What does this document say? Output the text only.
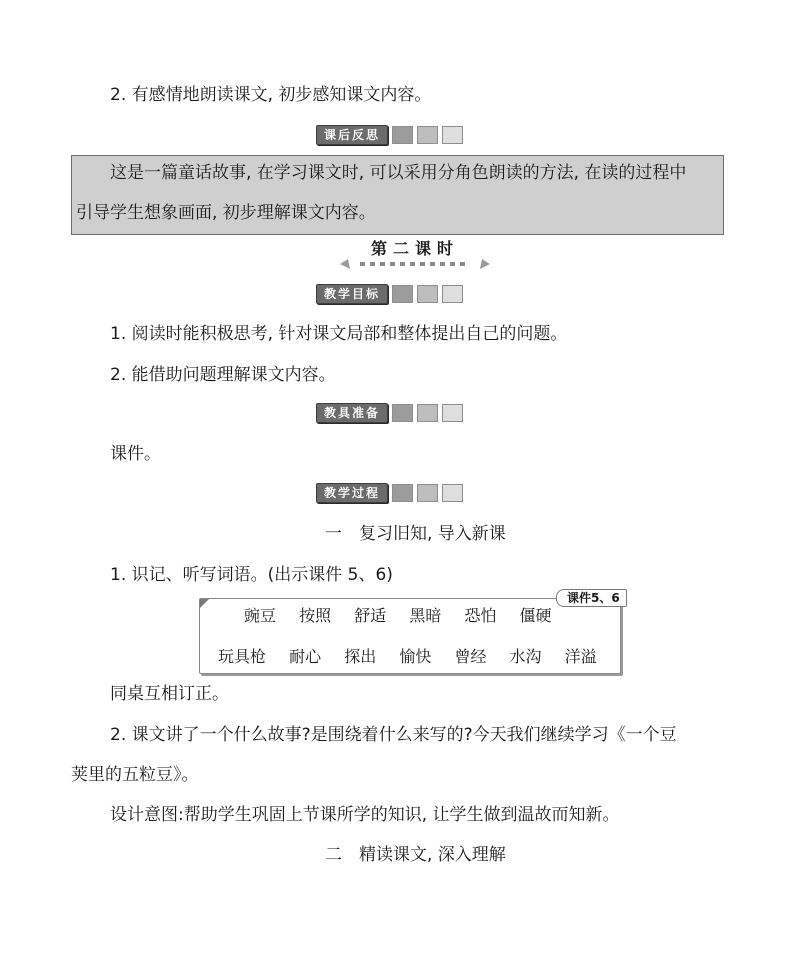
2. 有感情地朗读课文, 初步感知课文内容。
课后反思
这是一篇童话故事, 在学习课文时, 可以采用分角色朗读的方法, 在读的过程中
引导学生想象画面, 初步理解课文内容。
第二课时
教学目标
1. 阅读时能积极思考, 针对课文局部和整体提出自己的问题。
2. 能借助问题理解课文内容。
教具准备
课件。
教学过程
一　复习旧知, 导入新课
1. 识记、听写词语。(出示课件 5、6)
课件5、6
豌豆 按照 舒适 黑暗 恐怕 僵硬
玩具枪 耐心 探出 愉快 曾经 水沟 洋溢
同桌互相订正。
2. 课文讲了一个什么故事?是围绕着什么来写的?今天我们继续学习《一个豆
荚里的五粒豆》。
设计意图:帮助学生巩固上节课所学的知识, 让学生做到温故而知新。
二　精读课文, 深入理解
